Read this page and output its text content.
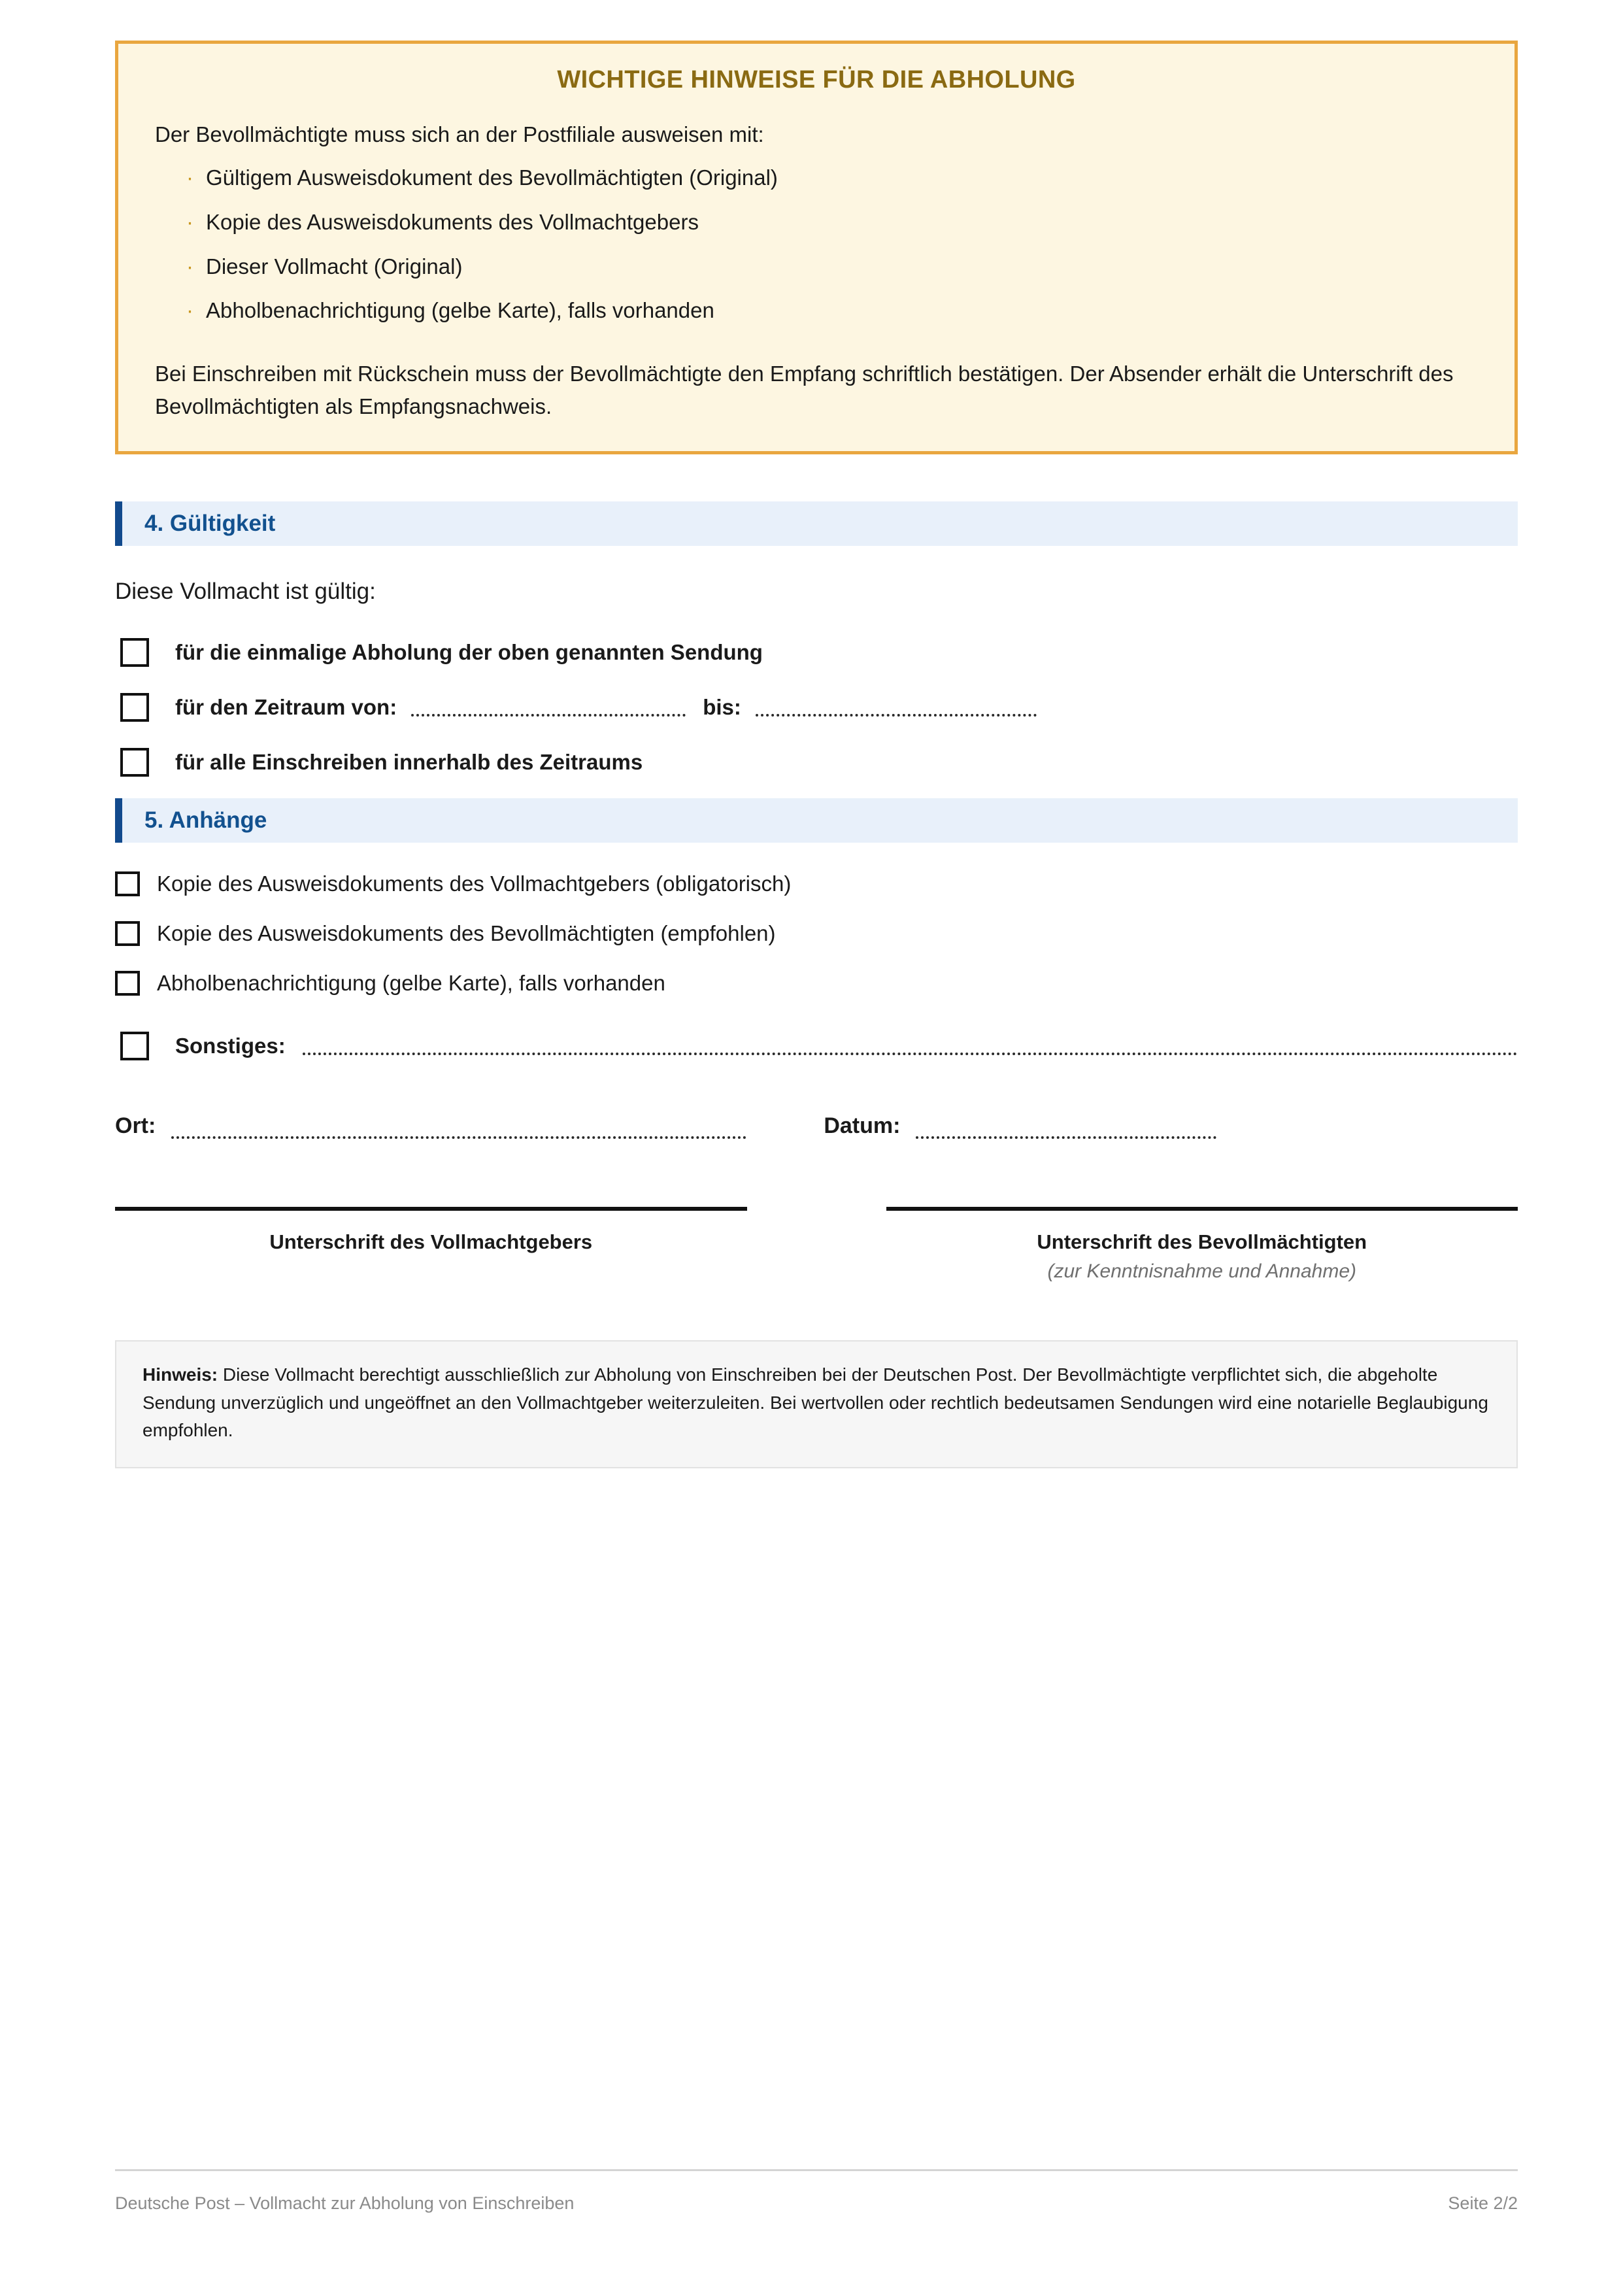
WICHTIGE HINWEISE FÜR DIE ABHOLUNG
Der Bevollmächtigte muss sich an der Postfiliale ausweisen mit:
· Gültigem Ausweisdokument des Bevollmächtigten (Original)
· Kopie des Ausweisdokuments des Vollmachtgebers
· Dieser Vollmacht (Original)
· Abholbenachrichtigung (gelbe Karte), falls vorhanden
Bei Einschreiben mit Rückschein muss der Bevollmächtigte den Empfang schriftlich bestätigen. Der Absender erhält die Unterschrift des Bevollmächtigten als Empfangsnachweis.
4. Gültigkeit
Diese Vollmacht ist gültig:
für die einmalige Abholung der oben genannten Sendung
für den Zeitraum von:	bis:
für alle Einschreiben innerhalb des Zeitraums
5. Anhänge
Kopie des Ausweisdokuments des Vollmachtgebers (obligatorisch)
Kopie des Ausweisdokuments des Bevollmächtigten (empfohlen)
Abholbenachrichtigung (gelbe Karte), falls vorhanden
Sonstiges:
Ort:	Datum:
Unterschrift des Vollmachtgebers	Unterschrift des Bevollmächtigten
(zur Kenntnisnahme und Annahme)
Hinweis: Diese Vollmacht berechtigt ausschließlich zur Abholung von Einschreiben bei der Deutschen Post. Der Bevollmächtigte verpflichtet sich, die abgeholte Sendung unverzüglich und ungeöffnet an den Vollmachtgeber weiterzuleiten. Bei wertvollen oder rechtlich bedeutsamen Sendungen wird eine notarielle Beglaubigung empfohlen.
Deutsche Post – Vollmacht zur Abholung von Einschreiben	Seite 2/2
